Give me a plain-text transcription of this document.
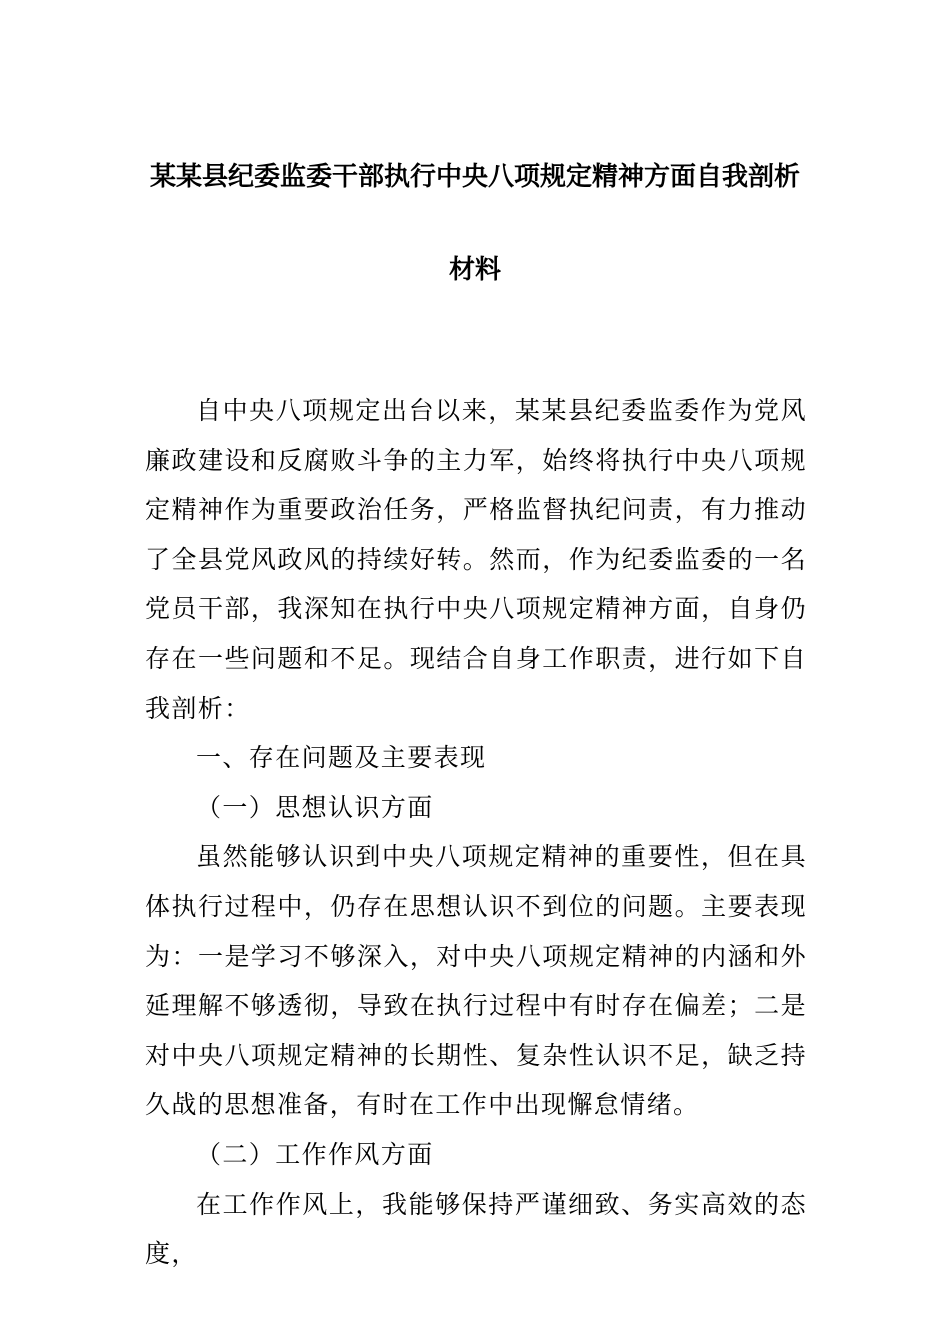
某某县纪委监委干部执行中央八项规定精神方面自我剖析
材料

自中央八项规定出台以来，某某县纪委监委作为党风廉政建设和反腐败斗争的主力军，始终将执行中央八项规定精神作为重要政治任务，严格监督执纪问责，有力推动了全县党风政风的持续好转。然而，作为纪委监委的一名党员干部，我深知在执行中央八项规定精神方面，自身仍存在一些问题和不足。现结合自身工作职责，进行如下自我剖析：

一、存在问题及主要表现

（一）思想认识方面

虽然能够认识到中央八项规定精神的重要性，但在具体执行过程中，仍存在思想认识不到位的问题。主要表现为：一是学习不够深入，对中央八项规定精神的内涵和外延理解不够透彻，导致在执行过程中有时存在偏差；二是对中央八项规定精神的长期性、复杂性认识不足，缺乏持久战的思想准备，有时在工作中出现懈怠情绪。

（二）工作作风方面

在工作作风上，我能够保持严谨细致、务实高效的态度，
